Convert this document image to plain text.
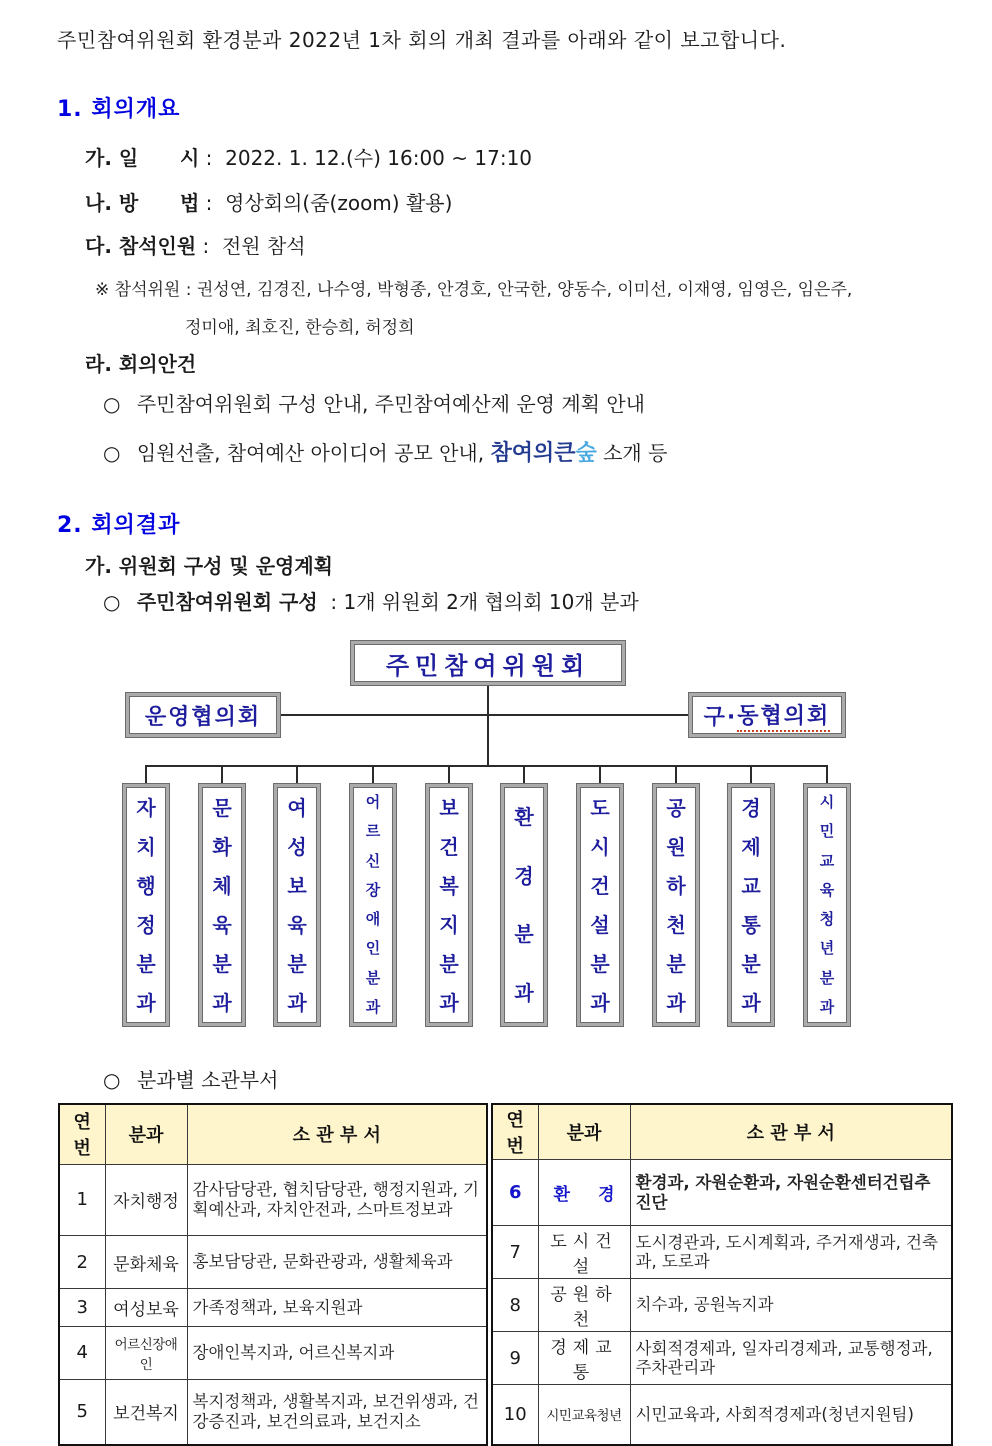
주민참여위원회 환경분과 2022년 1차 회의 개최 결과를 아래와 같이 보고합니다.
1. 회의개요
가. 일      시 :  2022. 1. 12.(수) 16:00 ~ 17:10
나. 방      법 :  영상회의(줌(zoom) 활용)
다. 참석인원 :  전원 참석
※ 참석위원 : 권성연, 김경진, 나수영, 박형종, 안경호, 안국한, 양동수, 이미선, 이재영, 임영은, 임은주,
정미애, 최호진, 한승희, 허정희
라. 회의안건
○ 주민참여위원회 구성 안내, 주민참여예산제 운영 계획 안내
○ 임원선출, 참여예산 아이디어 공모 안내, 참여의큰숲 소개 등
2. 회의결과
가. 위원회 구성 및 운영계획
○ 주민참여위원회 구성  : 1개 위원회 2개 협의회 10개 분과
주민참여위원회
운영협의회	구· 동협의회
자
치
행
정
분
과
문
화
체
육
분
과
여
성
보
육
분
과
어
르
신
장
애
인
분
과
보
건
복
지
분
과
환
경
분
과
도
시
건
설
분
과
공
원
하
천
분
과
경
제
교
통
분
과
시
민
교
육
청
년
분
과
○ 분과별 소관부서
연번	분과	소 관 부 서
1	자치행정	감사담당관, 협치담당관, 행정지원과, 기획예산과, 자치안전과, 스마트정보과
2	문화체육	홍보담당관, 문화관광과, 생활체육과
3	여성보육	가족정책과, 보육지원과
4	어르신장애인	장애인복지과, 어르신복지과
5	보건복지	복지정책과, 생활복지과, 보건위생과, 건강증진과, 보건의료과, 보건지소
연번	분과	소 관 부 서
6	환 경	환경과, 자원순환과, 자원순환센터건립추진단
7	도시건설	도시경관과, 도시계획과, 주거재생과, 건축과, 도로과
8	공원하천	치수과, 공원녹지과
9	경제교통	사회적경제과, 일자리경제과, 교통행정과, 주차관리과
10	시민교육청년	시민교육과, 사회적경제과(청년지원팀)
